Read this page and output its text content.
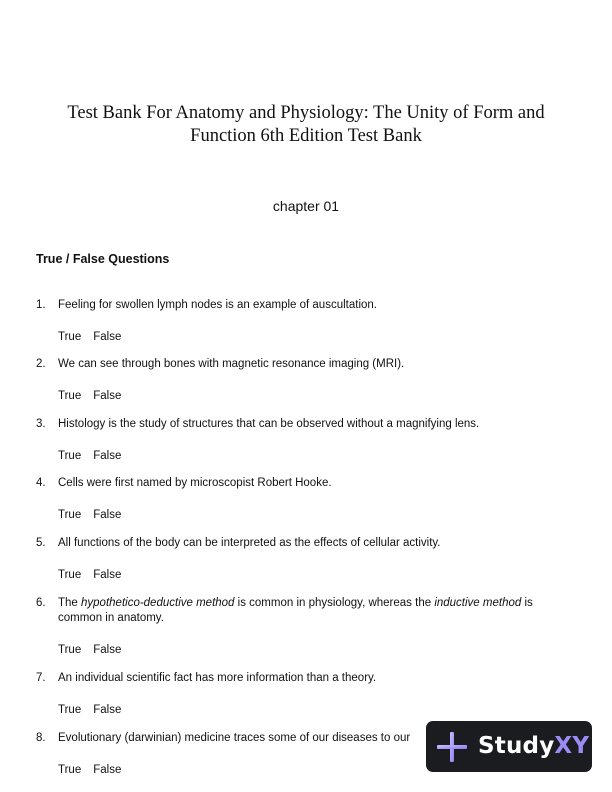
Test Bank For Anatomy and Physiology: The Unity of Form and
Function 6th Edition Test Bank
chapter 01
True / False Questions
1.	Feeling for swollen lymph nodes is an example of auscultation.
True False
2.	We can see through bones with magnetic resonance imaging (MRI).
True False
3.	Histology is the study of structures that can be observed without a magnifying lens.
True False
4.	Cells were first named by microscopist Robert Hooke.
True False
5.	All functions of the body can be interpreted as the effects of cellular activity.
True False
6.	The hypothetico-deductive method is common in physiology, whereas the inductive method is
common in anatomy.
True False
7.	An individual scientific fact has more information than a theory.
True False
8.	Evolutionary (darwinian) medicine traces some of our diseases to our
True False
StudyXY
